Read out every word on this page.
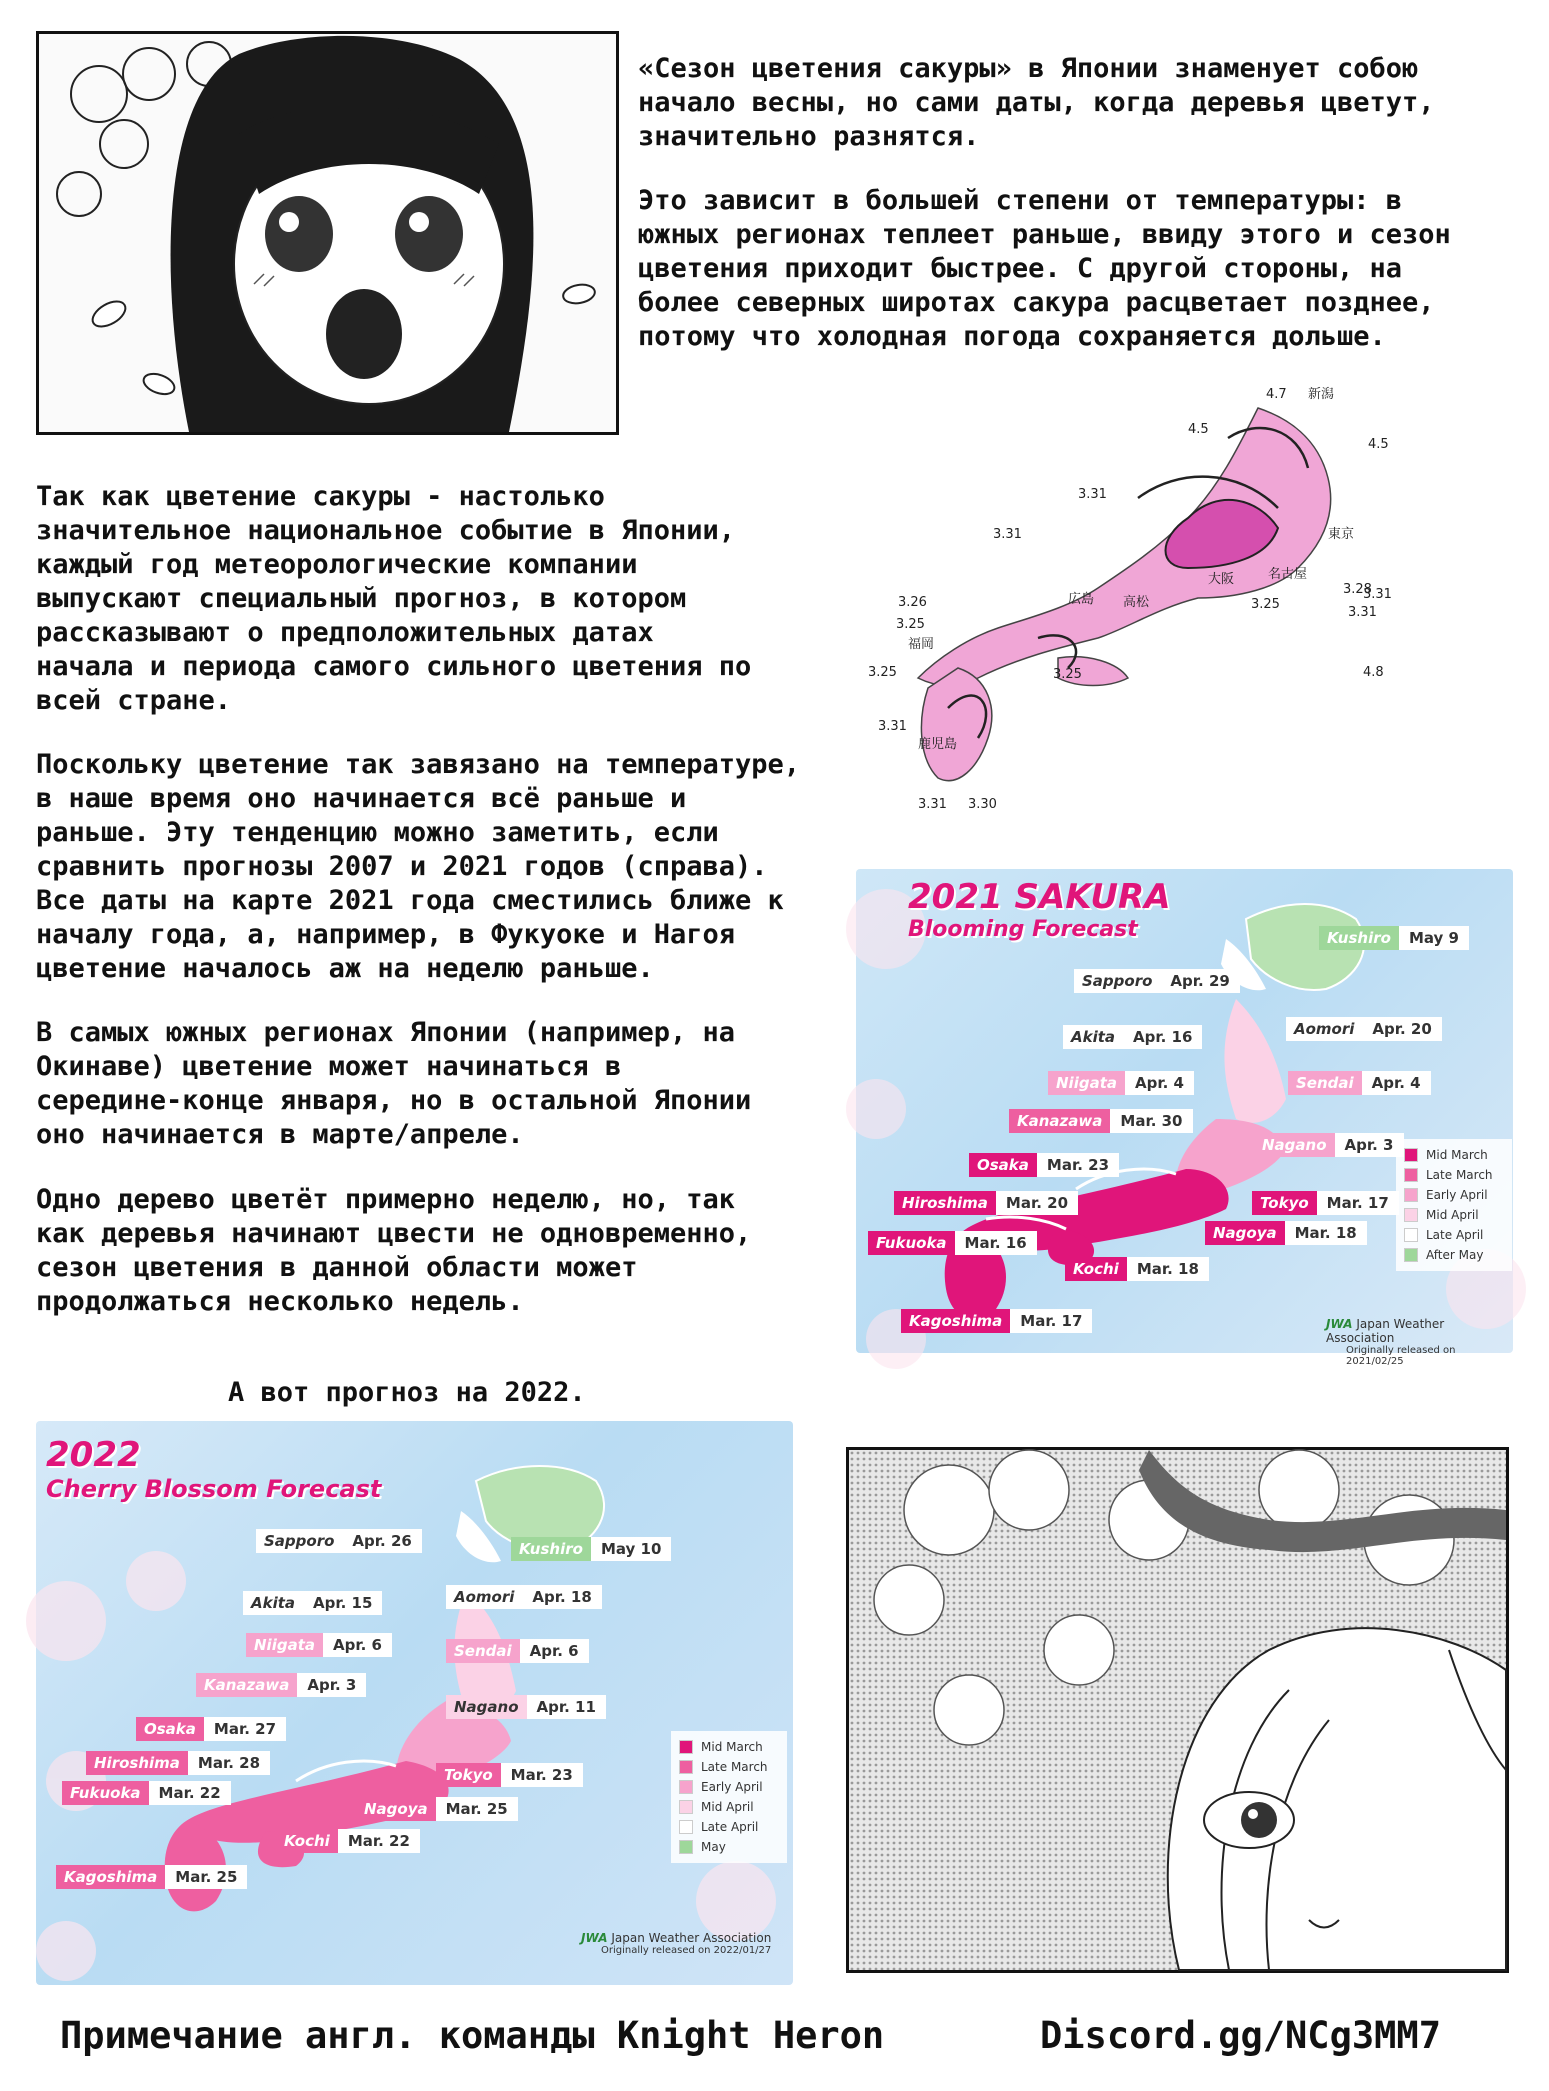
«Сезон цветения сакуры» в Японии знаменует собою
начало весны, но сами даты, когда деревья цветут,
значительно разнятся.

Это зависит в большей степени от температуры: в
южных регионах теплеет раньше, ввиду этого и сезон
цветения приходит быстрее. С другой стороны, на
более северных широтах сакура расцветает позднее,
потому что холодная погода сохраняется дольше.

4.7 新潟
4.5
4.5
3.31
3.31
3.31
東京
名古屋
大阪
広島 高松
3.28
3.31
3.25
3.26
3.25
福岡
3.25	3.25
3.31
鹿児島
3.31 3.30
4.8

Так как цветение сакуры - настолько
значительное национальное событие в Японии,
каждый год метеорологические компании
выпускают специальный прогноз, в котором
рассказывают о предположительных датах
начала и периода самого сильного цветения по
всей стране.

Поскольку цветение так завязано на температуре,
в наше время оно начинается всё раньше и
раньше. Эту тенденцию можно заметить, если
сравнить прогнозы 2007 и 2021 годов (справа).
Все даты на карте 2021 года сместились ближе к
началу года, а, например, в Фукуоке и Нагоя
цветение началось аж на неделю раньше.

В самых южных регионах Японии (например, на
Окинаве) цветение может начинаться в
середине-конце января, но в остальной Японии
оно начинается в марте/апреле.

Одно дерево цветёт примерно неделю, но, так
как деревья начинают цвести не одновременно,
сезон цветения в данной области может
продолжаться несколько недель.

2021 SAKURA
Blooming Forecast
Sapporo	Apr. 29
Kushiro	May 9
Akita	Apr. 16	Aomori	Apr. 20
Niigata	Apr. 4	Sendai	Apr. 4
Kanazawa	Mar. 30
Nagano	Apr. 3
Osaka	Mar. 23
Hiroshima	Mar. 20	Tokyo	Mar. 17
Fukuoka	Mar. 16
Nagoya	Mar. 18
Kochi	Mar. 18
Kagoshima	Mar. 17
Mid March
Late March
Early April
Mid April
Late April
After May
JWA Japan Weather Association
Originally released on 2021/02/25

А вот прогноз на 2022.

2022
Cherry Blossom Forecast
Sapporo	Apr. 26	Kushiro	May 10
Akita	Apr. 15	Aomori	Apr. 18
Niigata	Apr. 6	Sendai	Apr. 6
Kanazawa	Apr. 3
Nagano	Apr. 11
Osaka	Mar. 27
Hiroshima	Mar. 28
Tokyo	Mar. 23
Fukuoka	Mar. 22
Nagoya	Mar. 25
Kochi	Mar. 22
Kagoshima	Mar. 25
Mid March
Late March
Early April
Mid April
Late April
May
JWA Japan Weather Association
Originally released on 2022/01/27
Примечание англ. команды Knight Heron	Discord.gg/NCg3MM7
